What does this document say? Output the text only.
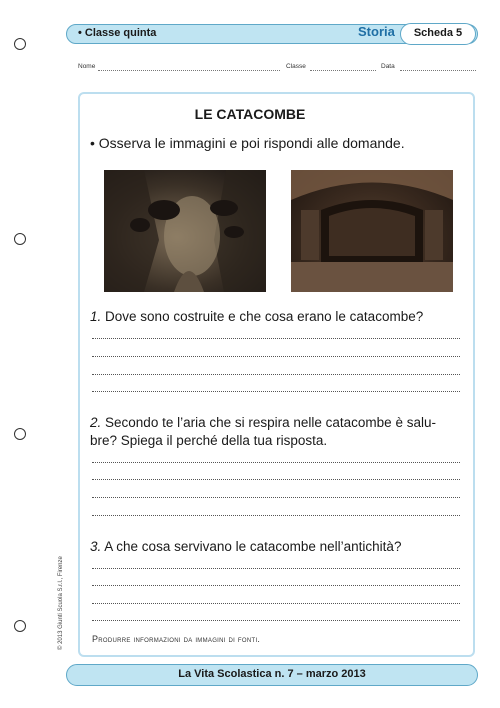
• Classe quinta	Storia	Scheda 5
Nome	Classe	Data
LE CATACOMBE
• Osserva le immagini e poi rispondi alle domande.
1. Dove sono costruite e che cosa erano le catacombe?
2. Secondo te l’aria che si respira nelle catacombe è salu-
bre? Spiega il perché della tua risposta.
3. A che cosa servivano le catacombe nell’antichità?
Produrre informazioni da immagini di fonti.
© 2013 Giunti Scuola S.r.l., Firenze
La Vita Scolastica n. 7 – marzo 2013
